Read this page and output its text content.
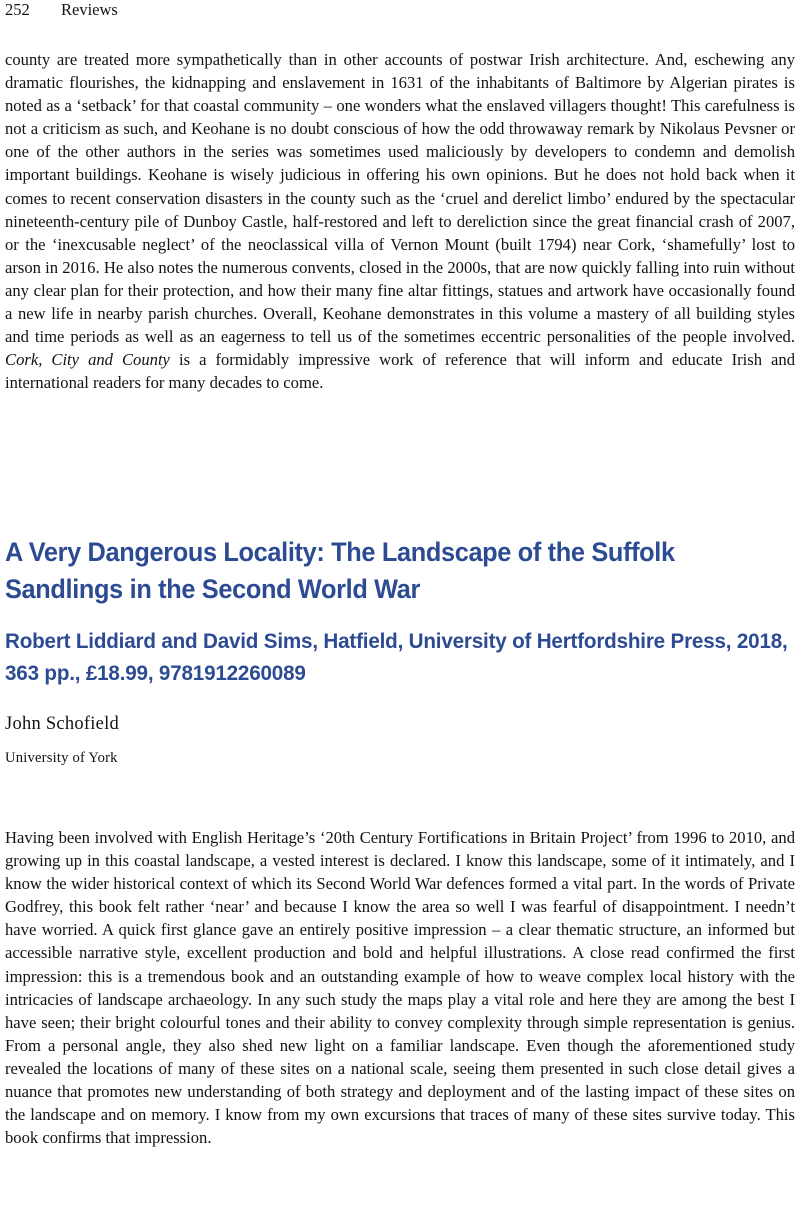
252 Reviews

county are treated more sympathetically than in other accounts of postwar Irish architecture. And, eschewing any dramatic flourishes, the kidnapping and enslavement in 1631 of the inhabitants of Baltimore by Algerian pirates is noted as a ‘setback’ for that coastal community – one wonders what the enslaved villagers thought! This carefulness is not a criticism as such, and Keohane is no doubt conscious of how the odd throwaway remark by Nikolaus Pevsner or one of the other authors in the series was sometimes used maliciously by developers to condemn and demolish important buildings. Keohane is wisely judicious in offering his own opinions. But he does not hold back when it comes to recent conservation disasters in the county such as the ‘cruel and derelict limbo’ endured by the spectacular nineteenth-century pile of Dunboy Castle, half-restored and left to dereliction since the great financial crash of 2007, or the ‘inexcusable neglect’ of the neoclassical villa of Vernon Mount (built 1794) near Cork, ‘shamefully’ lost to arson in 2016. He also notes the numerous convents, closed in the 2000s, that are now quickly falling into ruin without any clear plan for their protection, and how their many fine altar fittings, statues and artwork have occasionally found a new life in nearby parish churches. Overall, Keohane demonstrates in this volume a mastery of all building styles and time periods as well as an eagerness to tell us of the sometimes eccentric personalities of the people involved. Cork, City and County is a formidably impressive work of reference that will inform and educate Irish and international readers for many decades to come.

A Very Dangerous Locality: The Landscape of the Suffolk Sandlings in the Second World War
Robert Liddiard and David Sims, Hatfield, University of Hertfordshire Press, 2018, 363 pp., £18.99, 9781912260089

John Schofield

University of York

Having been involved with English Heritage’s ‘20th Century Fortifications in Britain Project’ from 1996 to 2010, and growing up in this coastal landscape, a vested interest is declared. I know this landscape, some of it intimately, and I know the wider historical context of which its Second World War defences formed a vital part. In the words of Private Godfrey, this book felt rather ‘near’ and because I know the area so well I was fearful of disappointment. I needn’t have worried. A quick first glance gave an entirely positive impression – a clear thematic structure, an informed but accessible narrative style, excellent production and bold and helpful illustrations. A close read confirmed the first impression: this is a tremendous book and an outstanding example of how to weave complex local history with the intricacies of landscape archaeology. In any such study the maps play a vital role and here they are among the best I have seen; their bright colourful tones and their ability to convey complexity through simple representation is genius. From a personal angle, they also shed new light on a familiar landscape. Even though the aforementioned study revealed the locations of many of these sites on a national scale, seeing them presented in such close detail gives a nuance that promotes new understanding of both strategy and deployment and of the lasting impact of these sites on the landscape and on memory. I know from my own excursions that traces of many of these sites survive today. This book confirms that impression.
